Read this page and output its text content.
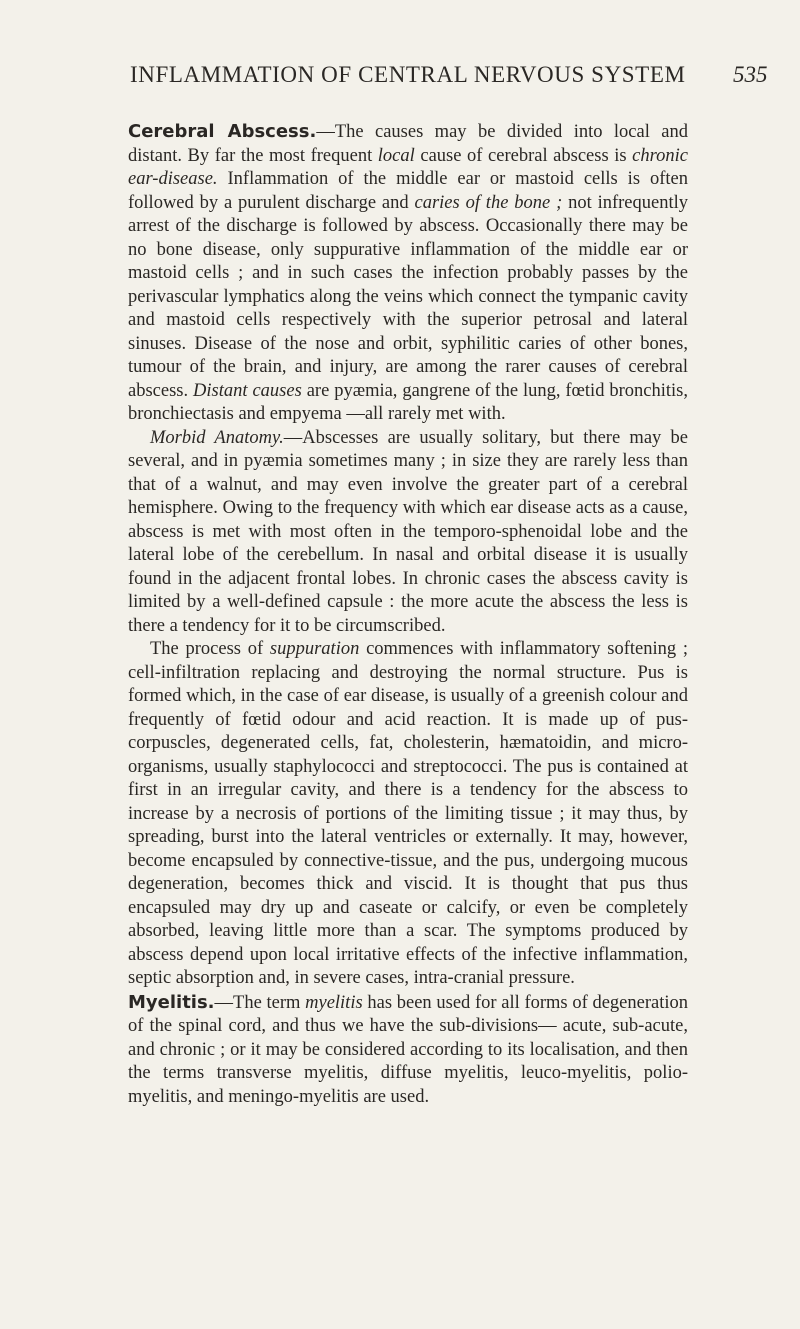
INFLAMMATION OF CENTRAL NERVOUS SYSTEM 535

Cerebral Abscess.—The causes may be divided into local and distant. By far the most frequent local cause of cerebral abscess is chronic ear-disease. Inflammation of the middle ear or mastoid cells is often followed by a purulent discharge and caries of the bone ; not infrequently arrest of the discharge is followed by abscess. Occasionally there may be no bone disease, only suppurative inflammation of the middle ear or mastoid cells ; and in such cases the infection probably passes by the perivascular lymphatics along the veins which connect the tympanic cavity and mastoid cells respectively with the superior petrosal and lateral sinuses. Disease of the nose and orbit, syphilitic caries of other bones, tumour of the brain, and injury, are among the rarer causes of cerebral abscess. Distant causes are pyæmia, gangrene of the lung, fœtid bronchitis, bronchiectasis and empyema —all rarely met with.

Morbid Anatomy.—Abscesses are usually solitary, but there may be several, and in pyæmia sometimes many ; in size they are rarely less than that of a walnut, and may even involve the greater part of a cerebral hemisphere. Owing to the frequency with which ear disease acts as a cause, abscess is met with most often in the temporo-sphenoidal lobe and the lateral lobe of the cerebellum. In nasal and orbital disease it is usually found in the adjacent frontal lobes. In chronic cases the abscess cavity is limited by a well-defined capsule : the more acute the abscess the less is there a tendency for it to be circumscribed.

The process of suppuration commences with inflammatory softening ; cell-infiltration replacing and destroying the normal structure. Pus is formed which, in the case of ear disease, is usually of a greenish colour and frequently of fœtid odour and acid reaction. It is made up of pus-corpuscles, degenerated cells, fat, cholesterin, hæmatoidin, and micro-organisms, usually staphylococci and streptococci. The pus is contained at first in an irregular cavity, and there is a tendency for the abscess to increase by a necrosis of portions of the limiting tissue ; it may thus, by spreading, burst into the lateral ventricles or externally. It may, however, become encapsuled by connective-tissue, and the pus, undergoing mucous degeneration, becomes thick and viscid. It is thought that pus thus encapsuled may dry up and caseate or calcify, or even be completely absorbed, leaving little more than a scar. The symptoms produced by abscess depend upon local irritative effects of the infective inflammation, septic absorption and, in severe cases, intra-cranial pressure.

Myelitis.—The term myelitis has been used for all forms of degeneration of the spinal cord, and thus we have the sub-divisions— acute, sub-acute, and chronic ; or it may be considered according to its localisation, and then the terms transverse myelitis, diffuse myelitis, leuco-myelitis, polio-myelitis, and meningo-myelitis are used.
